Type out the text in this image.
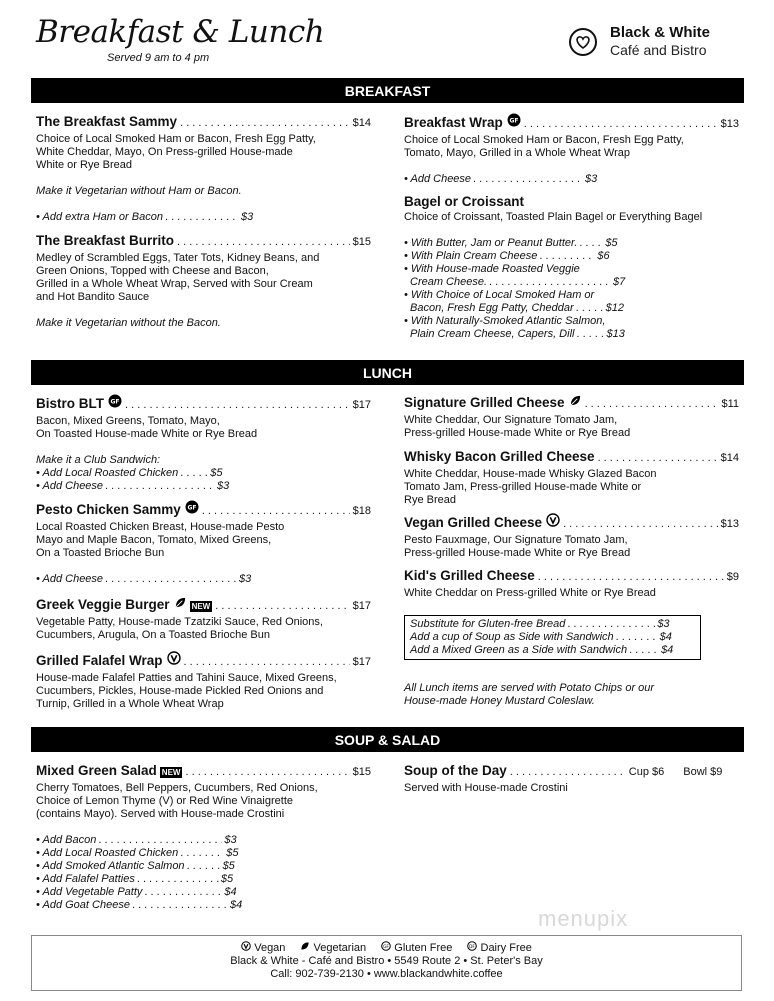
Breakfast & Lunch
Served 9 am to 4 pm
Black & White
Café and Bistro
BREAKFAST
The Breakfast Sammy . . .	$14
Choice of Local Smoked Ham or Bacon, Fresh Egg Patty,
White Cheddar, Mayo, On Press-grilled House-made
White or Rye Bread
Make it Vegetarian without Ham or Bacon.
• Add extra Ham or Bacon . . .	$3
The Breakfast Burrito . . .	$15
Medley of Scrambled Eggs, Tater Tots, Kidney Beans, and
Green Onions, Topped with Cheese and Bacon,
Grilled in a Whole Wheat Wrap, Served with Sour Cream
and Hot Bandito Sauce
Make it Vegetarian without the Bacon.
Breakfast Wrap GF . . .	$13
Choice of Local Smoked Ham or Bacon, Fresh Egg Patty,
Tomato, Mayo, Grilled in a Whole Wheat Wrap
• Add Cheese . . .	$3
Bagel or Croissant
Choice of Croissant, Toasted Plain Bagel or Everything Bagel
• With Butter, Jam or Peanut Butter. . . .	$5
• With Plain Cream Cheese . . .	$6
• With House-made Roasted Veggie
Cream Cheese. . . .	$7
• With Choice of Local Smoked Ham or
Bacon, Fresh Egg Patty, Cheddar . . .	$12
• With Naturally-Smoked Atlantic Salmon,
Plain Cream Cheese, Capers, Dill . . .	$13
LUNCH
Bistro BLT GF . . .	$17
Bacon, Mixed Greens, Tomato, Mayo,
On Toasted House-made White or Rye Bread
Make it a Club Sandwich:
• Add Local Roasted Chicken . . .	$5
• Add Cheese . . .	$3
Pesto Chicken Sammy GF . . .	$18
Local Roasted Chicken Breast, House-made Pesto
Mayo and Maple Bacon, Tomato, Mixed Greens,
On a Toasted Brioche Bun
• Add Cheese . . .	$3
Greek Veggie Burger	NEW . . .	$17
Vegetable Patty, House-made Tzatziki Sauce, Red Onions,
Cucumbers, Arugula, On a Toasted Brioche Bun
Grilled Falafel Wrap . . .	$17
House-made Falafel Patties and Tahini Sauce, Mixed Greens,
Cucumbers, Pickles, House-made Pickled Red Onions and
Turnip, Grilled in a Whole Wheat Wrap
Signature Grilled Cheese . . .	$11
White Cheddar, Our Signature Tomato Jam,
Press-grilled House-made White or Rye Bread
Whisky Bacon Grilled Cheese . . .	$14
White Cheddar, House-made Whisky Glazed Bacon
Tomato Jam, Press-grilled House-made White or
Rye Bread
Vegan Grilled Cheese . . .	$13
Pesto Fauxmage, Our Signature Tomato Jam,
Press-grilled House-made White or Rye Bread
Kid's Grilled Cheese . . .	$9
White Cheddar on Press-grilled White or Rye Bread
Substitute for Gluten-free Bread . . .	$3
Add a cup of Soup as Side with Sandwich . . .	$4
Add a Mixed Green as a Side with Sandwich . . .	$4
All Lunch items are served with Potato Chips or our
House-made Honey Mustard Coleslaw.
SOUP & SALAD
Mixed Green Salad NEW . . .	$15
Cherry Tomatoes, Bell Peppers, Cucumbers, Red Onions,
Choice of Lemon Thyme (V) or Red Wine Vinaigrette
(contains Mayo). Served with House-made Crostini
• Add Bacon . . .	$3
• Add Local Roasted Chicken . . .	$5
• Add Smoked Atlantic Salmon . . .	$5
• Add Falafel Patties . . .	$5
• Add Vegetable Patty . . .	$4
• Add Goat Cheese . . .	$4
Soup of the Day . . .	Cup $6 Bowl $9
Served with House-made Crostini
menupix
Vegan	Vegetarian	GF Gluten Free	DF Dairy Free
Black & White - Café and Bistro • 5549 Route 2 • St. Peter's Bay
Call: 902-739-2130 • www.blackandwhite.coffee
